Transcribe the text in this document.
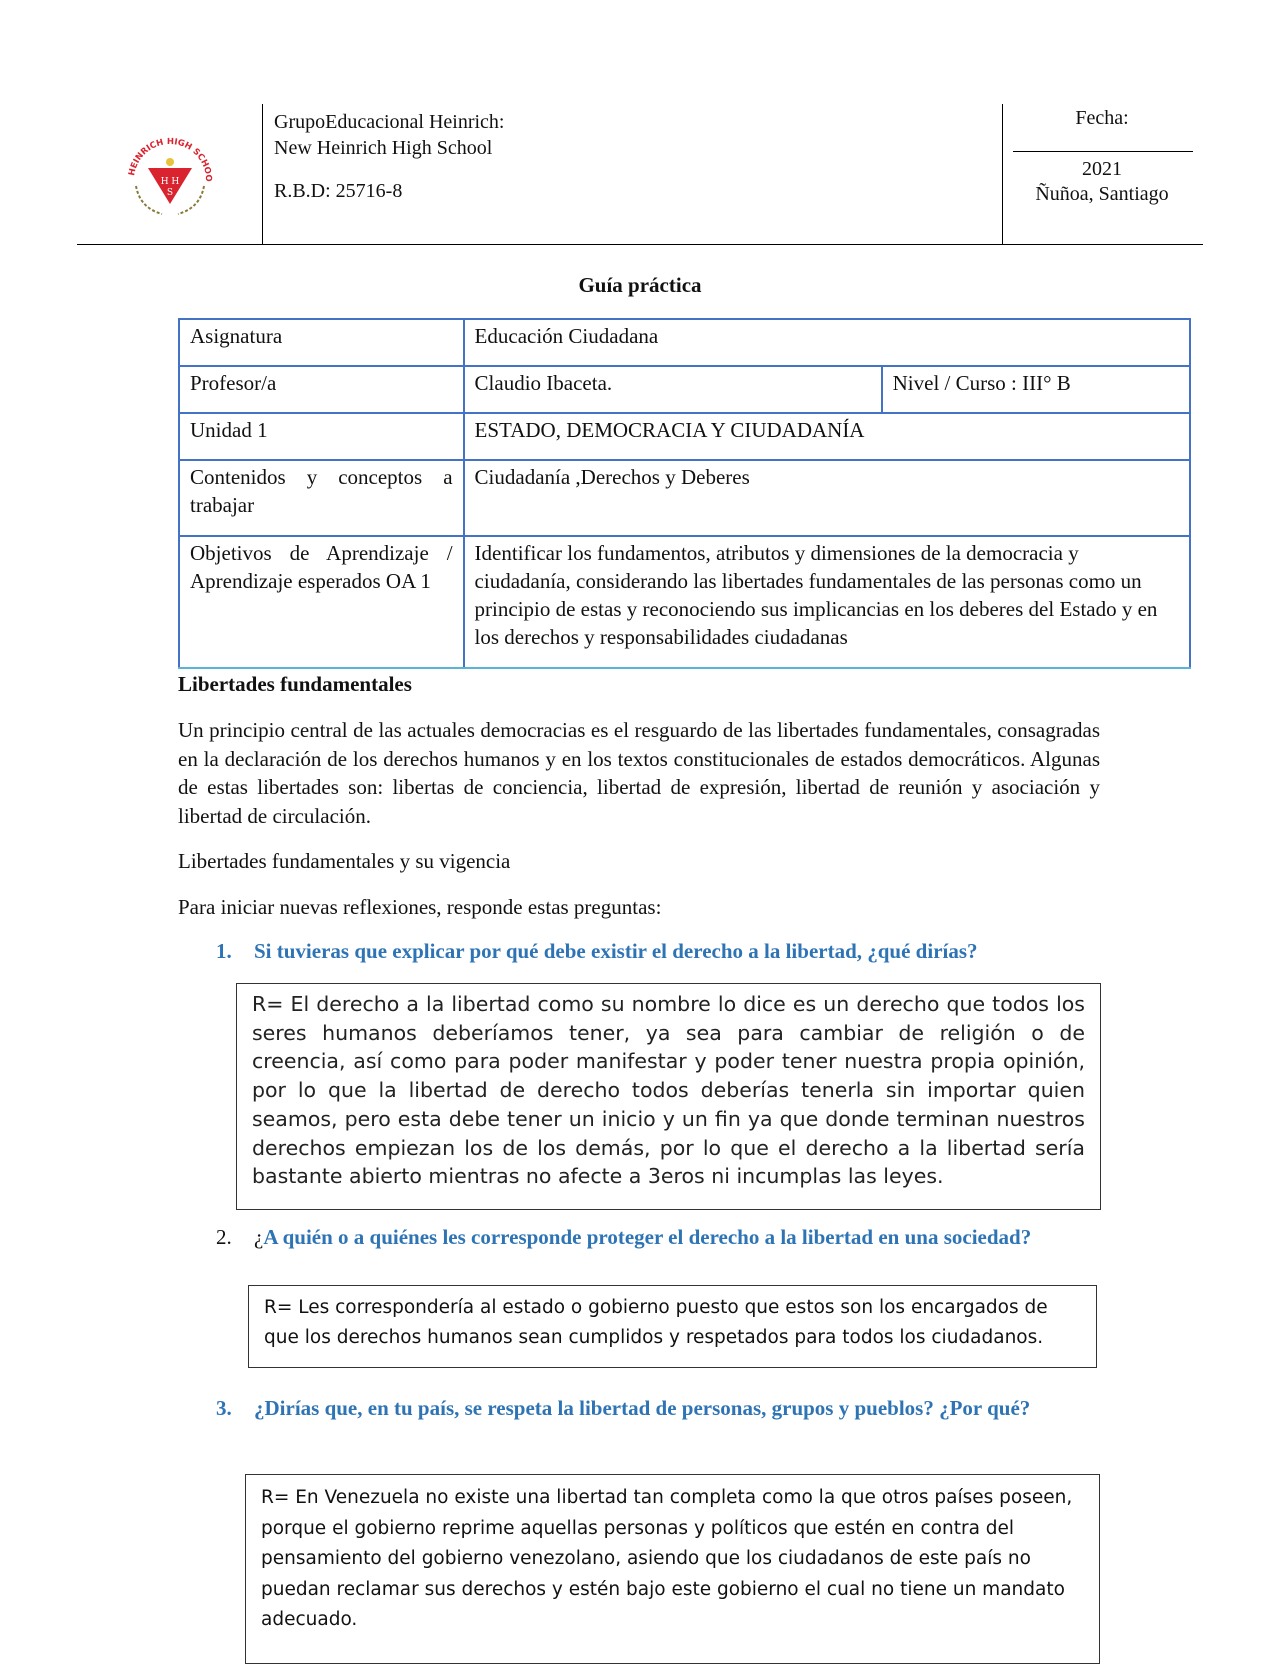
HEINRICH HIGH SCHOO
H H
S
GrupoEducacional Heinrich:
New Heinrich High School
R.B.D: 25716-8
Fecha:
2021
Ñuñoa, Santiago
Guía práctica
Asignatura	Educación Ciudadana	
Profesor/a	Claudio Ibaceta.	Nivel / Curso : III° B
Unidad 1	ESTADO, DEMOCRACIA Y CIUDADANÍA	
Contenidos y conceptos a trabajar	Ciudadanía ,Derechos y Deberes	
Objetivos de Aprendizaje / Aprendizaje esperados OA 1	Identificar los fundamentos, atributos y dimensiones de la democracia y ciudadanía, considerando las libertades fundamentales de las personas como un principio de estas y reconociendo sus implicancias en los deberes del Estado y en los derechos y responsabilidades ciudadanas	
Libertades fundamentales
Un principio central de las actuales democracias es el resguardo de las libertades fundamentales, consagradas en la declaración de los derechos humanos y en los textos constitucionales de estados democráticos. Algunas de estas libertades son: libertas de conciencia, libertad de expresión, libertad de reunión y asociación y libertad de circulación.
Libertades fundamentales y su vigencia
Para iniciar nuevas reflexiones, responde estas preguntas:
1.	Si tuvieras que explicar por qué debe existir el derecho a la libertad, ¿qué dirías?

R= El derecho a la libertad como su nombre lo dice es un derecho que todos los seres humanos deberíamos tener, ya sea para cambiar de religión o de creencia, así como para poder manifestar y poder tener nuestra propia opinión, por lo que la libertad de derecho todos deberías tenerla sin importar quien seamos, pero esta debe tener un inicio y un fin ya que donde terminan nuestros derechos empiezan los de los demás, por lo que el derecho a la libertad sería bastante abierto mientras no afecte a 3eros ni incumplas las leyes.

2.	¿A quién o a quiénes les corresponde proteger el derecho a la libertad en una sociedad?

R= Les correspondería al estado o gobierno puesto que estos son los encargados de que los derechos humanos sean cumplidos y respetados para todos los ciudadanos.

3.	¿Dirías que, en tu país, se respeta la libertad de personas, grupos y pueblos? ¿Por qué?

R= En Venezuela no existe una libertad tan completa como la que otros países poseen, porque el gobierno reprime aquellas personas y políticos que estén en contra del pensamiento del gobierno venezolano, asiendo que los ciudadanos de este país no puedan reclamar sus derechos y estén bajo este gobierno el cual no tiene un mandato adecuado.
